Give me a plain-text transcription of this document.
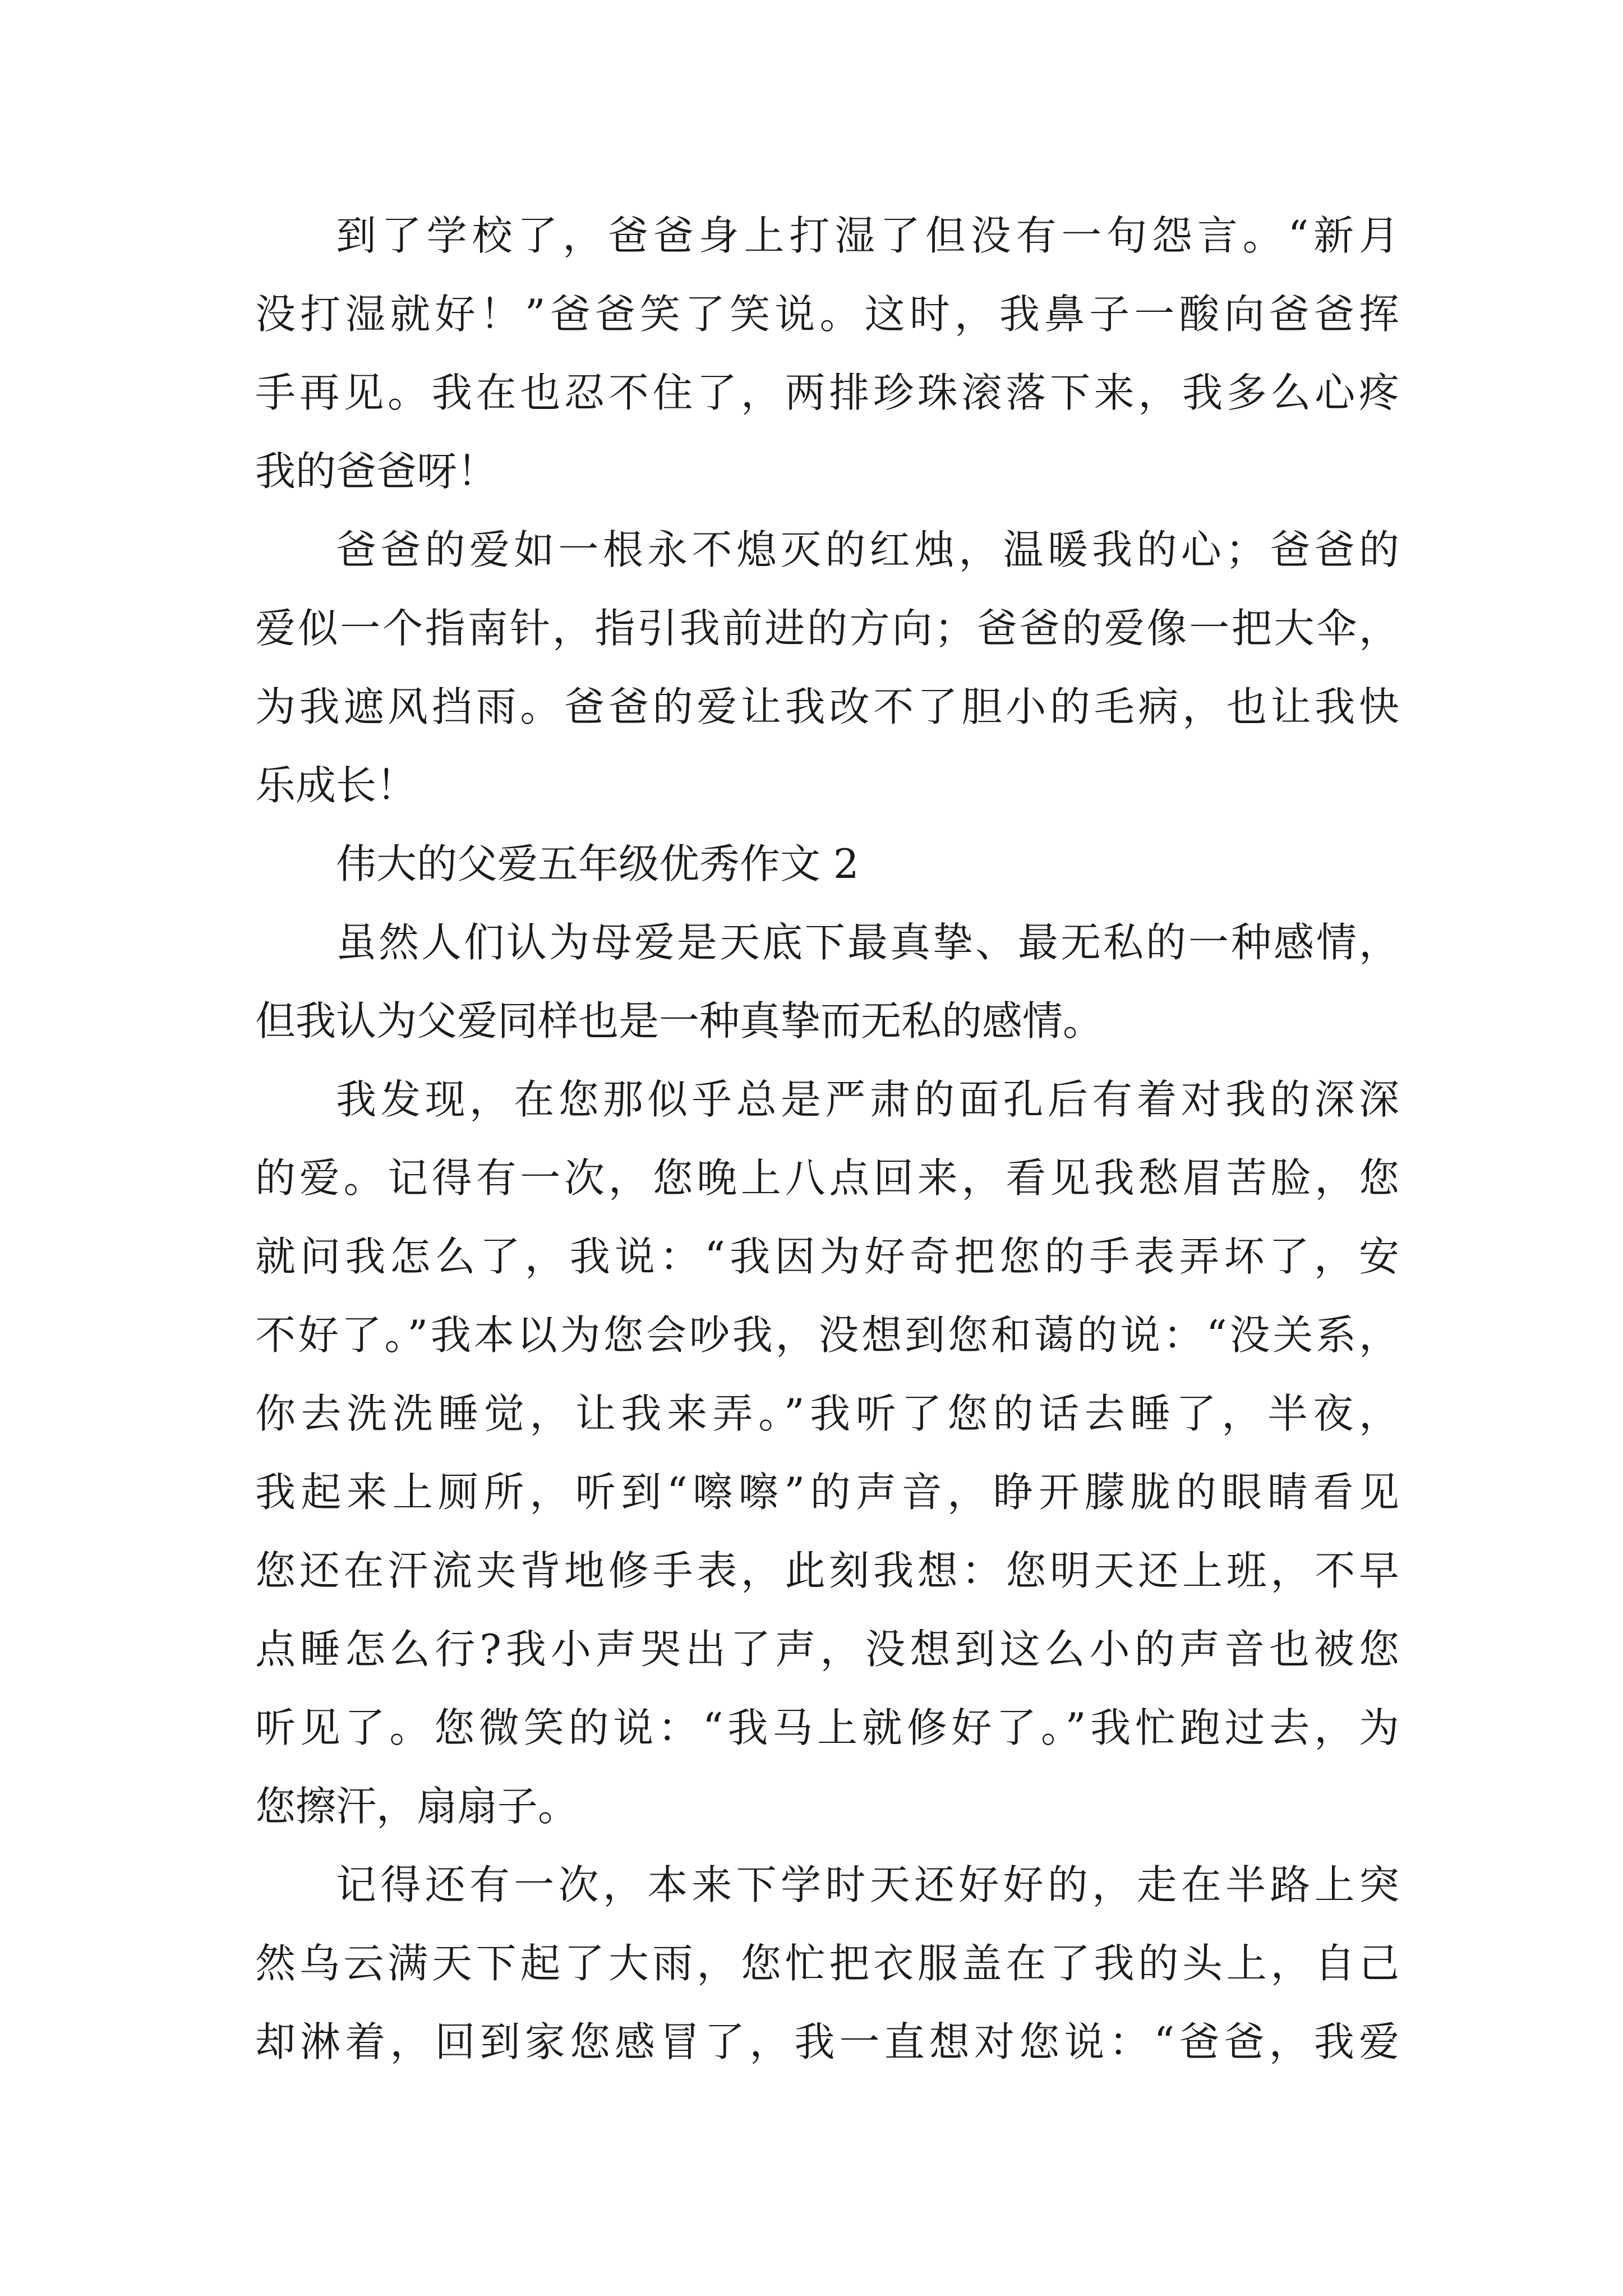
到了学校了，爸爸身上打湿了但没有一句怨言。“新月
没打湿就好！”爸爸笑了笑说。这时，我鼻子一酸向爸爸挥
手再见。我在也忍不住了，两排珍珠滚落下来，我多么心疼
我的爸爸呀！
爸爸的爱如一根永不熄灭的红烛，温暖我的心；爸爸的
爱似一个指南针，指引我前进的方向；爸爸的爱像一把大伞，
为我遮风挡雨。爸爸的爱让我改不了胆小的毛病，也让我快
乐成长！
伟大的父爱五年级优秀作文 2
虽然人们认为母爱是天底下最真挚、最无私的一种感情，
但我认为父爱同样也是一种真挚而无私的感情。
我发现，在您那似乎总是严肃的面孔后有着对我的深深
的爱。记得有一次，您晚上八点回来，看见我愁眉苦脸，您
就问我怎么了，我说：“我因为好奇把您的手表弄坏了，安
不好了。”我本以为您会吵我，没想到您和蔼的说：“没关系，
你去洗洗睡觉，让我来弄。”我听了您的话去睡了，半夜，
我起来上厕所，听到“嚓嚓”的声音，睁开朦胧的眼睛看见
您还在汗流夹背地修手表，此刻我想：您明天还上班，不早
点睡怎么行?我小声哭出了声，没想到这么小的声音也被您
听见了。您微笑的说：“我马上就修好了。”我忙跑过去，为
您擦汗，扇扇子。
记得还有一次，本来下学时天还好好的，走在半路上突
然乌云满天下起了大雨，您忙把衣服盖在了我的头上，自己
却淋着，回到家您感冒了，我一直想对您说：“爸爸，我爱
